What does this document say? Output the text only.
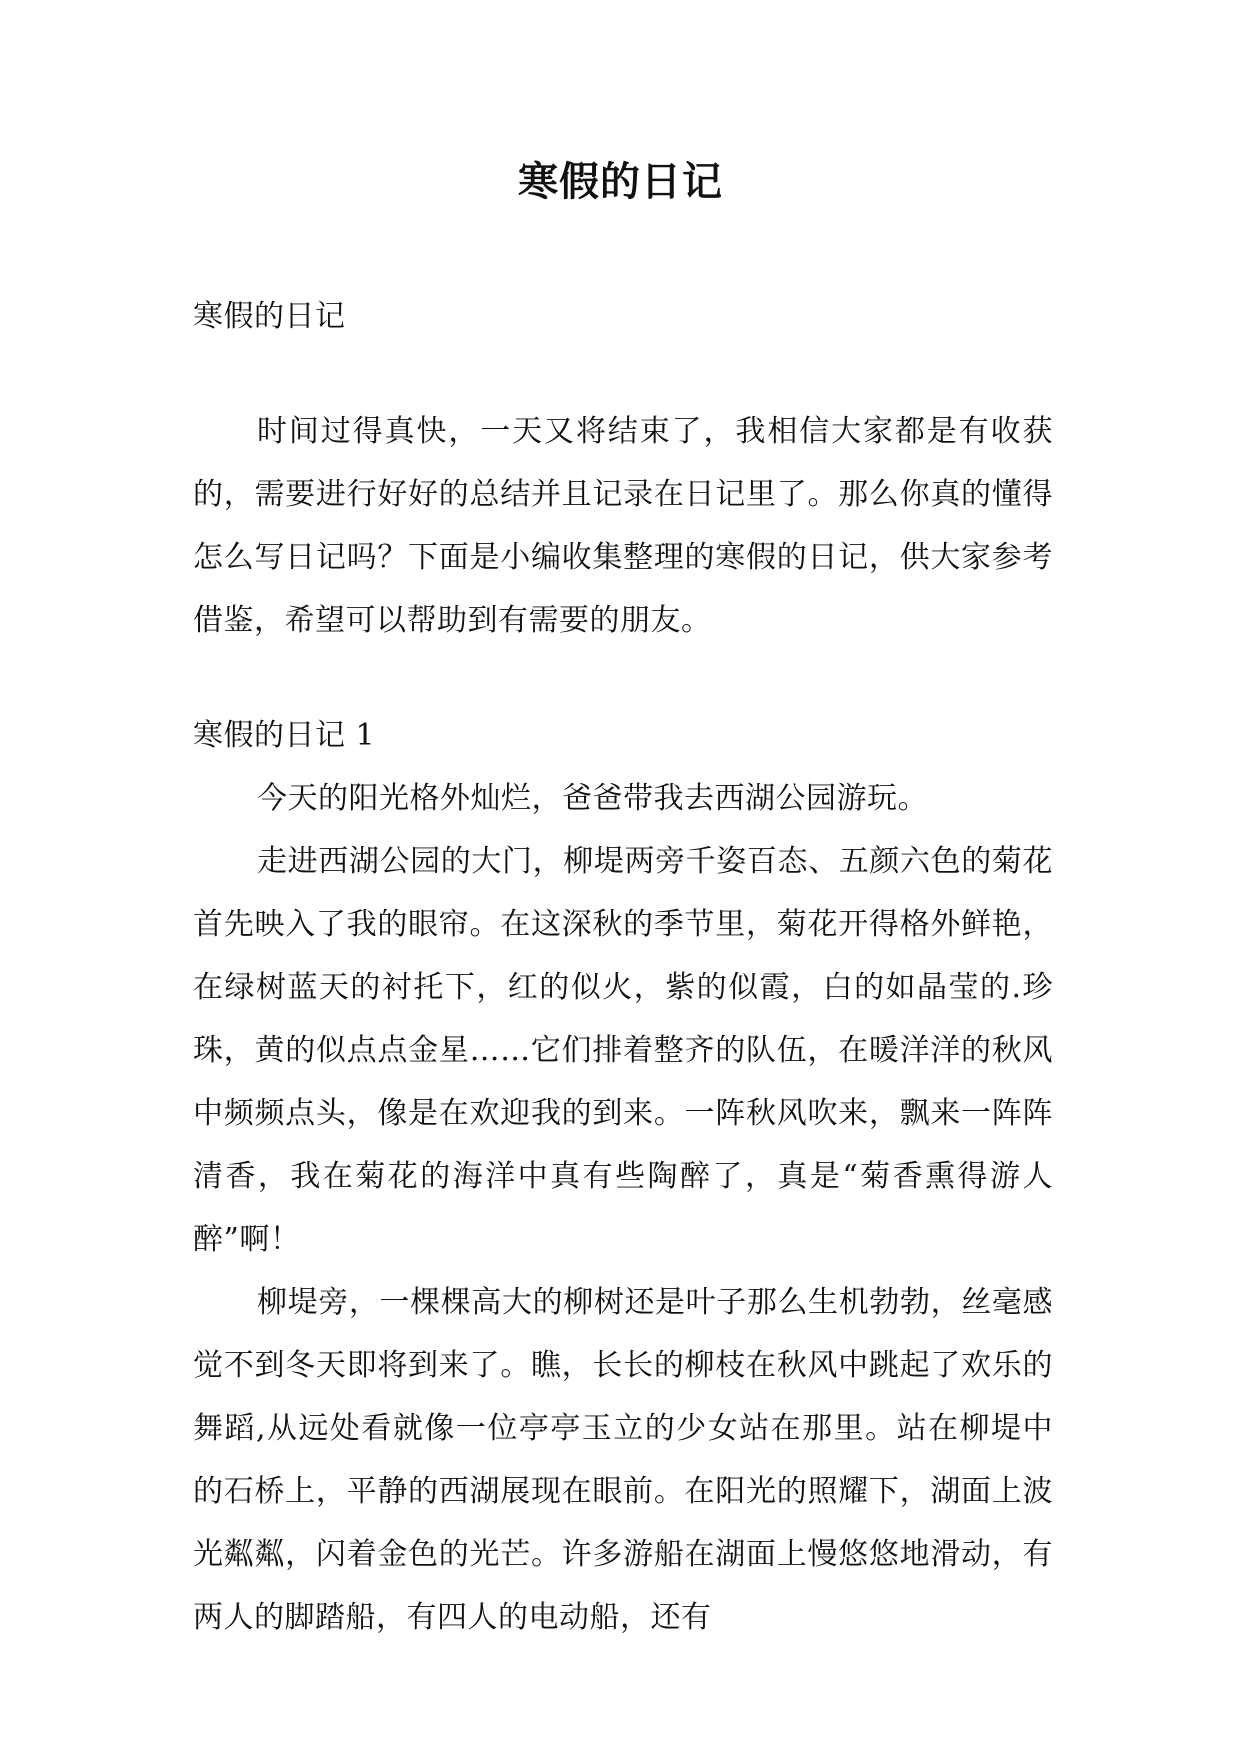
寒假的日记

寒假的日记

时间过得真快，一天又将结束了，我相信大家都是有收获的，需要进行好好的总结并且记录在日记里了。那么你真的懂得怎么写日记吗？下面是小编收集整理的寒假的日记，供大家参考借鉴，希望可以帮助到有需要的朋友。

寒假的日记 1

今天的阳光格外灿烂，爸爸带我去西湖公园游玩。

走进西湖公园的大门，柳堤两旁千姿百态、五颜六色的菊花首先映入了我的眼帘。在这深秋的季节里，菊花开得格外鲜艳，在绿树蓝天的衬托下，红的似火，紫的似霞，白的如晶莹的.珍珠，黄的似点点金星……它们排着整齐的队伍，在暖洋洋的秋风中频频点头，像是在欢迎我的到来。一阵秋风吹来，飘来一阵阵清香，我在菊花的海洋中真有些陶醉了，真是“菊香熏得游人醉”啊！

柳堤旁，一棵棵高大的柳树还是叶子那么生机勃勃，丝毫感觉不到冬天即将到来了。瞧，长长的柳枝在秋风中跳起了欢乐的舞蹈,从远处看就像一位亭亭玉立的少女站在那里。站在柳堤中的石桥上，平静的西湖展现在眼前。在阳光的照耀下，湖面上波光粼粼，闪着金色的光芒。许多游船在湖面上慢悠悠地滑动，有两人的脚踏船，有四人的电动船，还有
